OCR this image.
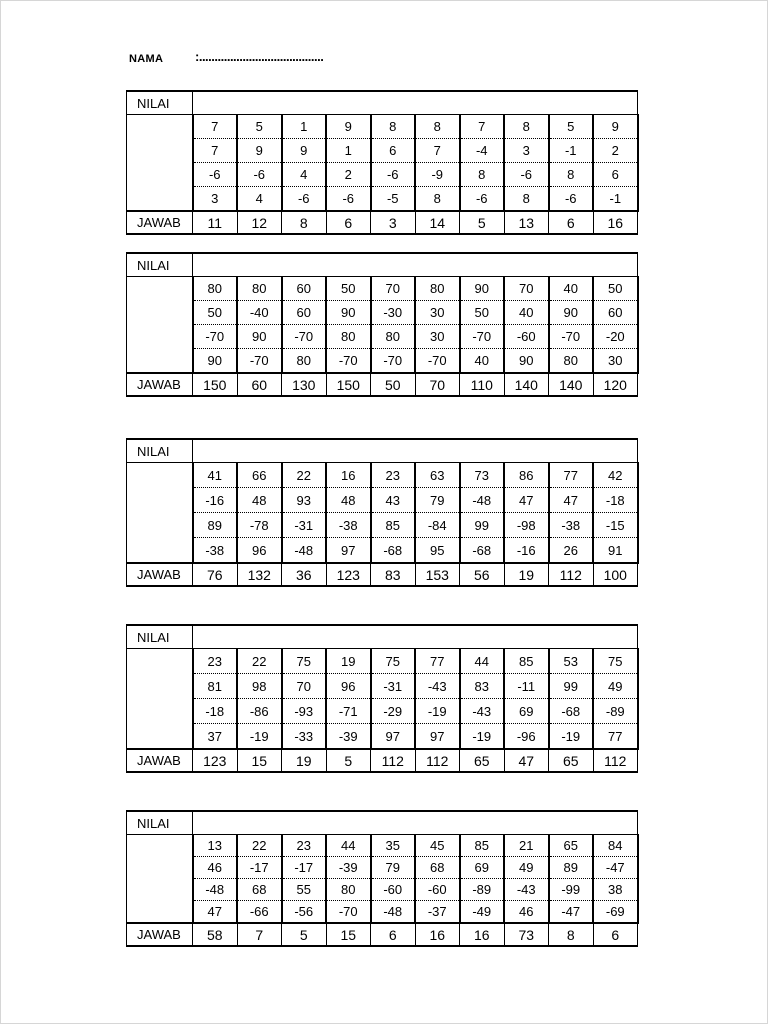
NAMA :........................................
NILAI										
	7	5	1	9	8	8	7	8	5	9
	7	9	9	1	6	7	-4	3	-1	2
	-6	-6	4	2	-6	-9	8	-6	8	6
	3	4	-6	-6	-5	8	-6	8	-6	-1
JAWAB	11	12	8	6	3	14	5	13	6	16
NILAI										
	80	80	60	50	70	80	90	70	40	50
	50	-40	60	90	-30	30	50	40	90	60
	-70	90	-70	80	80	30	-70	-60	-70	-20
	90	-70	80	-70	-70	-70	40	90	80	30
JAWAB	150	60	130	150	50	70	110	140	140	120
NILAI										
	41	66	22	16	23	63	73	86	77	42
	-16	48	93	48	43	79	-48	47	47	-18
	89	-78	-31	-38	85	-84	99	-98	-38	-15
	-38	96	-48	97	-68	95	-68	-16	26	91
JAWAB	76	132	36	123	83	153	56	19	112	100
NILAI										
	23	22	75	19	75	77	44	85	53	75
	81	98	70	96	-31	-43	83	-11	99	49
	-18	-86	-93	-71	-29	-19	-43	69	-68	-89
	37	-19	-33	-39	97	97	-19	-96	-19	77
JAWAB	123	15	19	5	112	112	65	47	65	112
NILAI										
	13	22	23	44	35	45	85	21	65	84
	46	-17	-17	-39	79	68	69	49	89	-47
	-48	68	55	80	-60	-60	-89	-43	-99	38
	47	-66	-56	-70	-48	-37	-49	46	-47	-69
JAWAB	58	7	5	15	6	16	16	73	8	6
